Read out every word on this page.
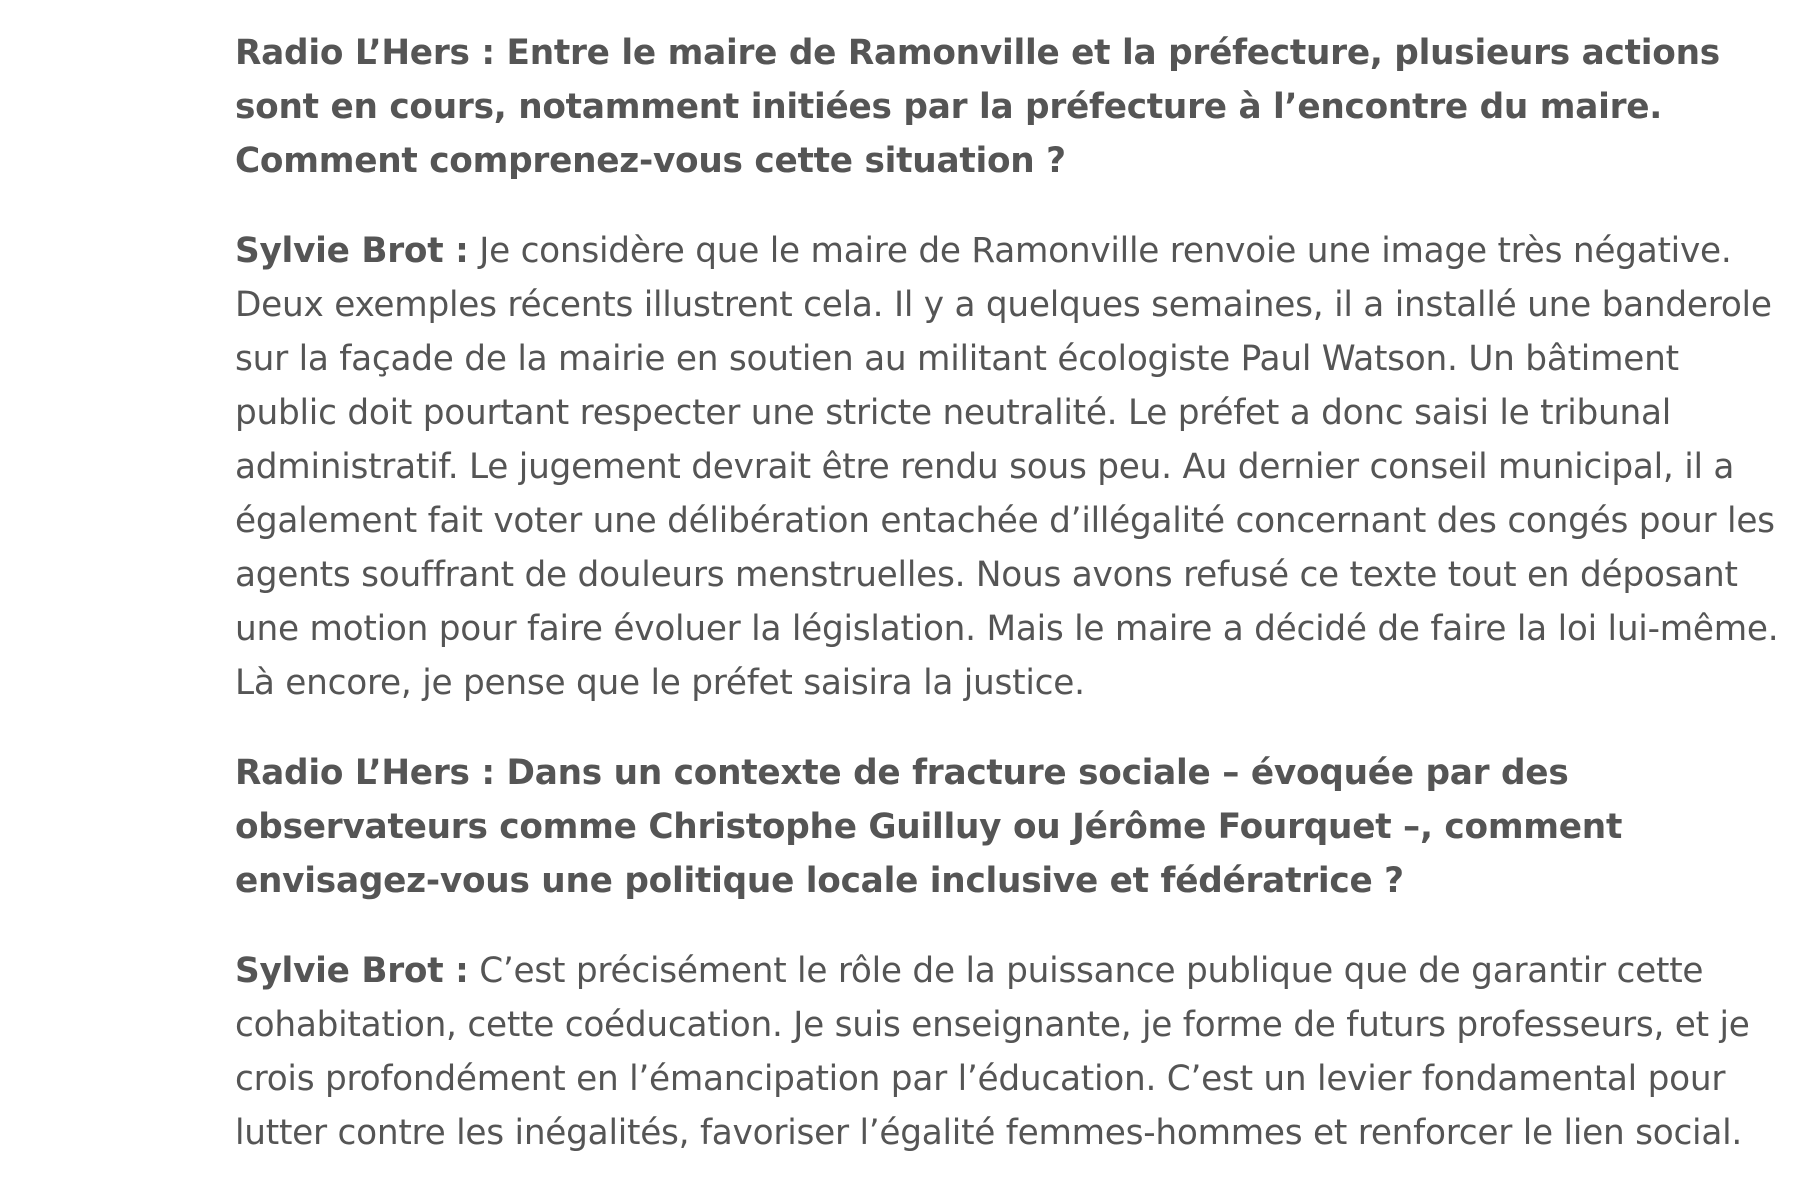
Radio L’Hers : Entre le maire de Ramonville et la préfecture, plusieurs actions sont en cours, notamment initiées par la préfecture à l’encontre du maire. Comment comprenez-vous cette situation ?

Sylvie Brot : Je considère que le maire de Ramonville renvoie une image très négative. Deux exemples récents illustrent cela. Il y a quelques semaines, il a installé une banderole sur la façade de la mairie en soutien au militant écologiste Paul Watson. Un bâtiment public doit pourtant respecter une stricte neutralité. Le préfet a donc saisi le tribunal administratif. Le jugement devrait être rendu sous peu. Au dernier conseil municipal, il a également fait voter une délibération entachée d’illégalité concernant des congés pour les agents souffrant de douleurs menstruelles. Nous avons refusé ce texte tout en déposant une motion pour faire évoluer la législation. Mais le maire a décidé de faire la loi lui-même. Là encore, je pense que le préfet saisira la justice.

Radio L’Hers : Dans un contexte de fracture sociale – évoquée par des observateurs comme Christophe Guilluy ou Jérôme Fourquet –, comment envisagez-vous une politique locale inclusive et fédératrice ?

Sylvie Brot : C’est précisément le rôle de la puissance publique que de garantir cette cohabitation, cette coéducation. Je suis enseignante, je forme de futurs professeurs, et je crois profondément en l’émancipation par l’éducation. C’est un levier fondamental pour lutter contre les inégalités, favoriser l’égalité femmes-hommes et renforcer le lien social.
